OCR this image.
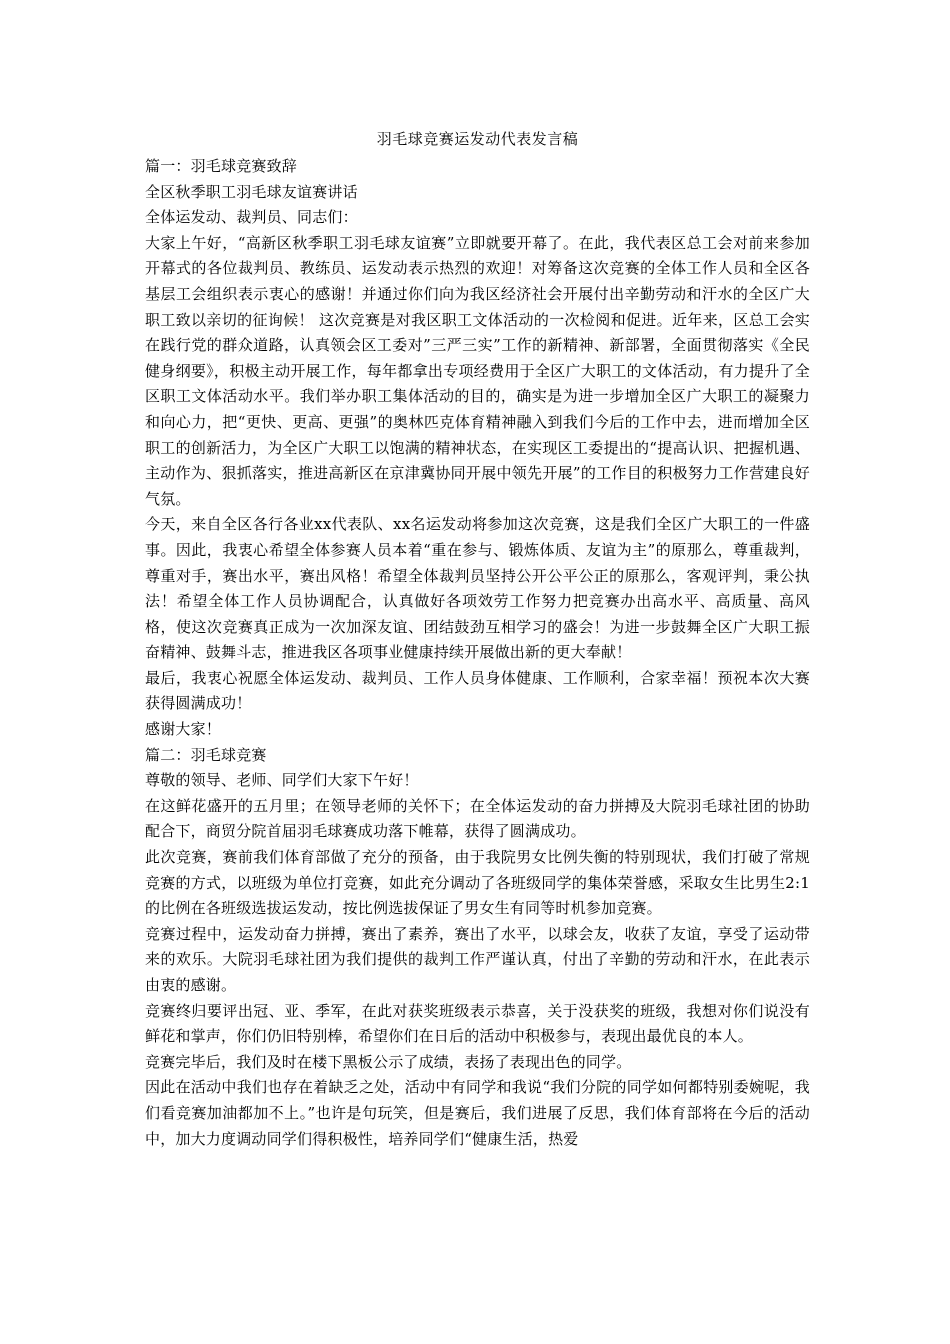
羽毛球竞赛运发动代表发言稿

篇一：羽毛球竞赛致辞

全区秋季职工羽毛球友谊赛讲话

全体运发动、裁判员、同志们：

大家上午好，“高新区秋季职工羽毛球友谊赛”立即就要开幕了。在此，我代表区总工会对前来参加开幕式的各位裁判员、教练员、运发动表示热烈的欢迎！对筹备这次竞赛的全体工作人员和全区各基层工会组织表示衷心的感谢！并通过你们向为我区经济社会开展付出辛勤劳动和汗水的全区广大职工致以亲切的征询候！ 这次竞赛是对我区职工文体活动的一次检阅和促进。近年来，区总工会实在践行党的群众道路，认真领会区工委对”三严三实”工作的新精神、新部署，全面贯彻落实《全民健身纲要》，积极主动开展工作，每年都拿出专项经费用于全区广大职工的文体活动，有力提升了全区职工文体活动水平。我们举办职工集体活动的目的，确实是为进一步增加全区广大职工的凝聚力和向心力，把“更快、更高、更强”的奥林匹克体育精神融入到我们今后的工作中去，进而增加全区职工的创新活力，为全区广大职工以饱满的精神状态，在实现区工委提出的“提高认识、把握机遇、主动作为、狠抓落实，推进高新区在京津冀协同开展中领先开展”的工作目的积极努力工作营建良好气氛。

今天，来自全区各行各业xx代表队、xx名运发动将参加这次竞赛，这是我们全区广大职工的一件盛事。因此，我衷心希望全体参赛人员本着“重在参与、锻炼体质、友谊为主”的原那么，尊重裁判，尊重对手，赛出水平，赛出风格！希望全体裁判员坚持公开公平公正的原那么，客观评判，秉公执法！希望全体工作人员协调配合，认真做好各项效劳工作努力把竞赛办出高水平、高质量、高风格，使这次竞赛真正成为一次加深友谊、团结鼓劲互相学习的盛会！为进一步鼓舞全区广大职工振奋精神、鼓舞斗志，推进我区各项事业健康持续开展做出新的更大奉献！

最后，我衷心祝愿全体运发动、裁判员、工作人员身体健康、工作顺利，合家幸福！预祝本次大赛获得圆满成功！

感谢大家！

篇二：羽毛球竞赛

尊敬的领导、老师、同学们大家下午好！

在这鲜花盛开的五月里；在领导老师的关怀下；在全体运发动的奋力拼搏及大院羽毛球社团的协助配合下，商贸分院首届羽毛球赛成功落下帷幕，获得了圆满成功。

此次竞赛，赛前我们体育部做了充分的预备，由于我院男女比例失衡的特别现状，我们打破了常规竞赛的方式，以班级为单位打竞赛，如此充分调动了各班级同学的集体荣誉感，采取女生比男生2:1的比例在各班级选拔运发动，按比例选拔保证了男女生有同等时机参加竞赛。

竞赛过程中，运发动奋力拼搏，赛出了素养，赛出了水平，以球会友，收获了友谊，享受了运动带来的欢乐。大院羽毛球社团为我们提供的裁判工作严谨认真，付出了辛勤的劳动和汗水，在此表示由衷的感谢。

竞赛终归要评出冠、亚、季军，在此对获奖班级表示恭喜，关于没获奖的班级，我想对你们说没有鲜花和掌声，你们仍旧特别棒，希望你们在日后的活动中积极参与，表现出最优良的本人。

竞赛完毕后，我们及时在楼下黑板公示了成绩，表扬了表现出色的同学。

因此在活动中我们也存在着缺乏之处，活动中有同学和我说“我们分院的同学如何都特别委婉呢，我们看竞赛加油都加不上。”也许是句玩笑，但是赛后，我们进展了反思，我们体育部将在今后的活动中，加大力度调动同学们得积极性，培养同学们“健康生活，热爱
